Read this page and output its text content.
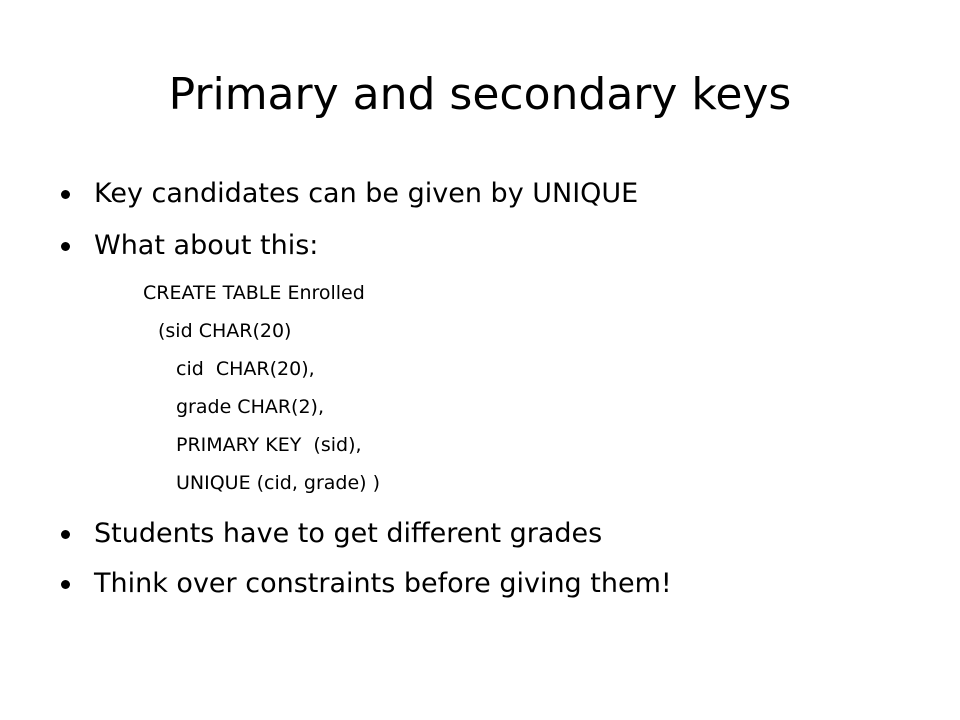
Primary and secondary keys
Key candidates can be given by UNIQUE
What about this:
CREATE TABLE Enrolled
(sid CHAR(20)
cid  CHAR(20),
grade CHAR(2),
PRIMARY KEY  (sid),
UNIQUE (cid, grade) )
Students have to get different grades
Think over constraints before giving them!
